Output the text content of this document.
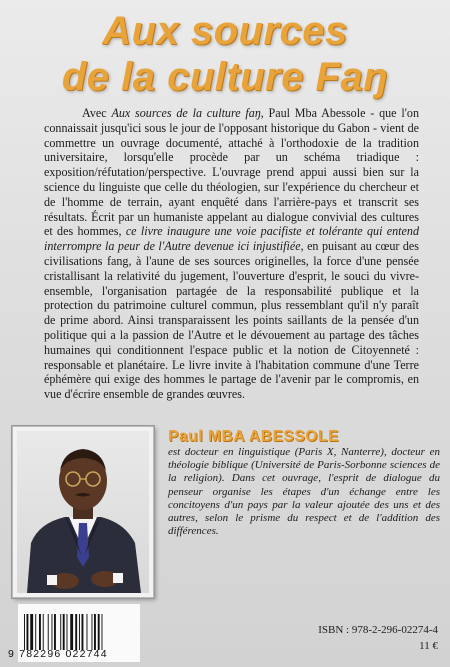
Aux sources
de la culture Faŋ

Avec Aux sources de la culture faŋ, Paul Mba Abessole - que l'on connaissait jusqu'ici sous le jour de l'opposant historique du Gabon - vient de commettre un ouvrage documenté, attaché à l'orthodoxie de la tradition universitaire, lorsqu'elle procède par un schéma triadique : exposition/réfutation/perspective. L'ouvrage prend appui aussi bien sur la science du linguiste que celle du théologien, sur l'expérience du chercheur et de l'homme de terrain, ayant enquêté dans l'arrière-pays et transcrit ses résultats. Écrit par un humaniste appelant au dialogue convivial des cultures et des hommes, ce livre inaugure une voie pacifiste et tolérante qui entend interrompre la peur de l'Autre devenue ici injustifiée, en puisant au cœur des civilisations fang, à l'aune de ses sources originelles, la force d'une pensée cristallisant la relativité du jugement, l'ouverture d'esprit, le souci du vivre-ensemble, l'organisation partagée de la responsabilité publique et la protection du patrimoine culturel commun, plus ressemblant qu'il n'y paraît de prime abord. Ainsi transparaissent les points saillants de la pensée d'un politique qui a la passion de l'Autre et le dévouement au partage des tâches humaines qui conditionnent l'espace public et la notion de Citoyenneté : responsable et planétaire. Le livre invite à l'habitation commune d'une Terre éphémère qui exige des hommes le partage de l'avenir par le compromis, en vue d'écrire ensemble de grandes œuvres.

Paul MBA ABESSOLE

est docteur en linguistique (Paris X, Nanterre), docteur en théologie biblique (Université de Paris-Sorbonne sciences de la religion). Dans cet ouvrage, l'esprit de dialogue du penseur organise les étapes d'un échange entre les concitoyens d'un pays par la valeur ajoutée des uns et des autres, selon le prisme du respect et de l'addition des différences.

9 782296 022744
ISBN : 978-2-296-02274-4
11 €
